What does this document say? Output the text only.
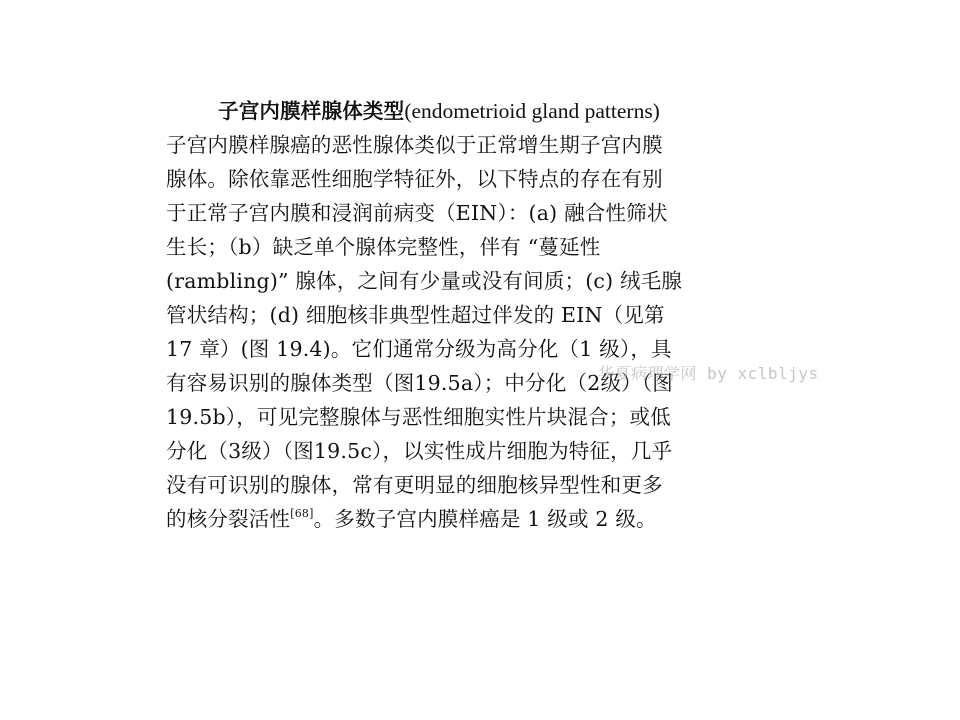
子宫内膜样腺体类型(endometrioid gland patterns)
子宫内膜样腺癌的恶性腺体类似于正常增生期子宫内膜
腺体。除依靠恶性细胞学特征外，以下特点的存在有别
于正常子宫内膜和浸润前病变（EIN）：(a) 融合性筛状
生长；（b）缺乏单个腺体完整性，伴有 “蔓延性
(rambling)” 腺体，之间有少量或没有间质；(c) 绒毛腺
管状结构；(d) 细胞核非典型性超过伴发的 EIN（见第
17 章）(图 19.4)。它们通常分级为高分化（1 级），具
有容易识别的腺体类型（图19.5a）；中分化（2级）（图
19.5b），可见完整腺体与恶性细胞实性片块混合；或低
分化（3级）（图19.5c），以实性成片细胞为特征，几乎
没有可识别的腺体，常有更明显的细胞核异型性和更多
的核分裂活性[68]。多数子宫内膜样癌是 1 级或 2 级。
华夏病理学网 by xclbljys
